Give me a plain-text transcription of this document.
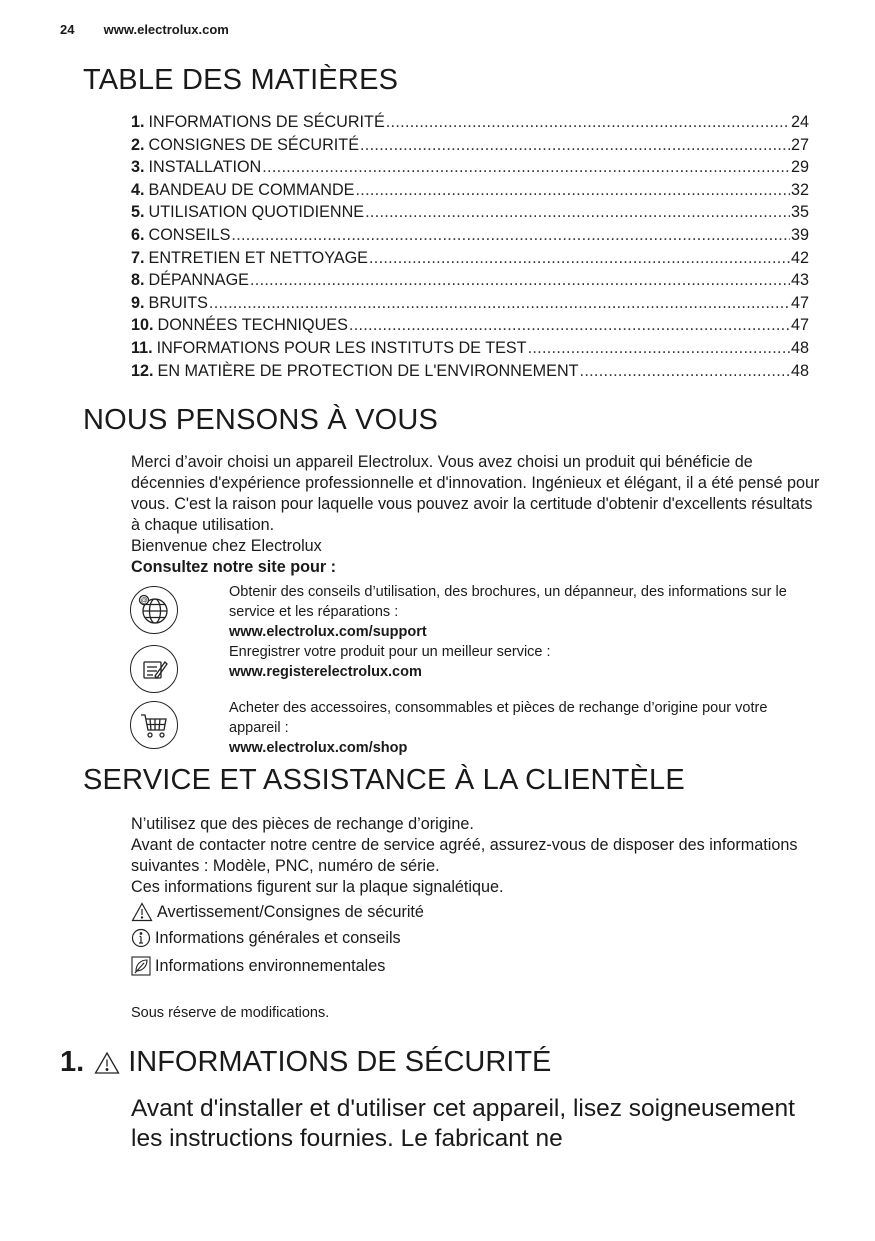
24 www.electrolux.com
TABLE DES MATIÈRES
1. INFORMATIONS DE SÉCURITÉ .....	24
2. CONSIGNES DE SÉCURITÉ .....	27
3. INSTALLATION .....	29
4. BANDEAU DE COMMANDE .....	32
5. UTILISATION QUOTIDIENNE .....	35
6. CONSEILS .....	39
7. ENTRETIEN ET NETTOYAGE .....	42
8. DÉPANNAGE .....	43
9. BRUITS .....	47
10. DONNÉES TECHNIQUES .....	47
11. INFORMATIONS POUR LES INSTITUTS DE TEST .....	48
12. EN MATIÈRE DE PROTECTION DE L'ENVIRONNEMENT .....	48
NOUS PENSONS À VOUS

Merci d’avoir choisi un appareil Electrolux. Vous avez choisi un produit qui bénéficie de décennies d'expérience professionnelle et d'innovation. Ingénieux et élégant, il a été pensé pour vous. C'est la raison pour laquelle vous pouvez avoir la certitude d'obtenir d'excellents résultats à chaque utilisation.

Bienvenue chez Electrolux

Consultez notre site pour :

@

Obtenir des conseils d’utilisation, des brochures, un dépanneur, des informations sur le service et les réparations :

www.electrolux.com/support

Enregistrer votre produit pour un meilleur service :

www.registerelectrolux.com

Acheter des accessoires, consommables et pièces de rechange d’origine pour votre appareil :

www.electrolux.com/shop

SERVICE ET ASSISTANCE À LA CLIENTÈLE

N’utilisez que des pièces de rechange d’origine.

Avant de contacter notre centre de service agréé, assurez-vous de disposer des informations suivantes : Modèle, PNC, numéro de série.

Ces informations figurent sur la plaque signalétique.

Avertissement/Consignes de sécurité
Informations générales et conseils
Informations environnementales
Sous réserve de modifications.
1. INFORMATIONS DE SÉCURITÉ
Avant d'installer et d'utiliser cet appareil, lisez soigneusement les instructions fournies. Le fabricant ne
